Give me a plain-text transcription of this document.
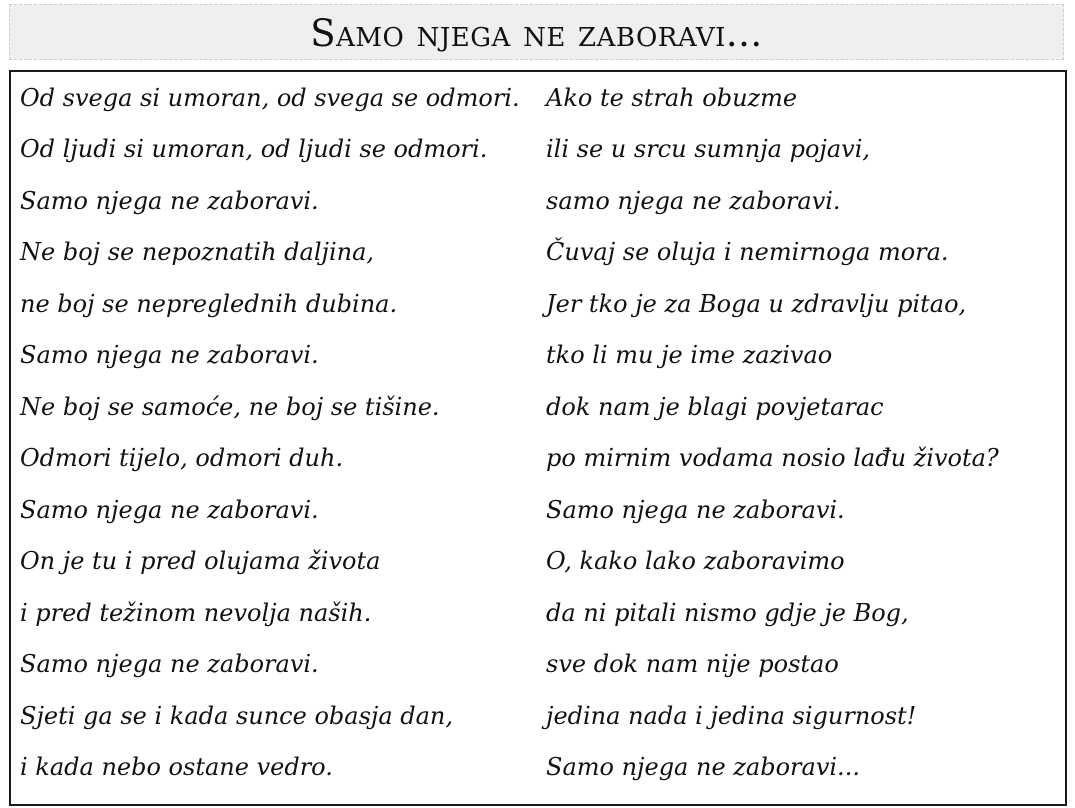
Samo njega ne zaboravi...
Od svega si umoran, od svega se odmori.
Od ljudi si umoran, od ljudi se odmori.
Samo njega ne zaboravi.
Ne boj se nepoznatih daljina,
ne boj se nepreglednih dubina.
Samo njega ne zaboravi.
Ne boj se samoće, ne boj se tišine.
Odmori tijelo, odmori duh.
Samo njega ne zaboravi.
On je tu i pred olujama života
i pred težinom nevolja naših.
Samo njega ne zaboravi.
Sjeti ga se i kada sunce obasja dan,
i kada nebo ostane vedro.
Ako te strah obuzme
ili se u srcu sumnja pojavi,
samo njega ne zaboravi.
Čuvaj se oluja i nemirnoga mora.
Jer tko je za Boga u zdravlju pitao,
tko li mu je ime zazivao
dok nam je blagi povjetarac
po mirnim vodama nosio lađu života?
Samo njega ne zaboravi.
O, kako lako zaboravimo
da ni pitali nismo gdje je Bog,
sve dok nam nije postao
jedina nada i jedina sigurnost!
Samo njega ne zaboravi...
